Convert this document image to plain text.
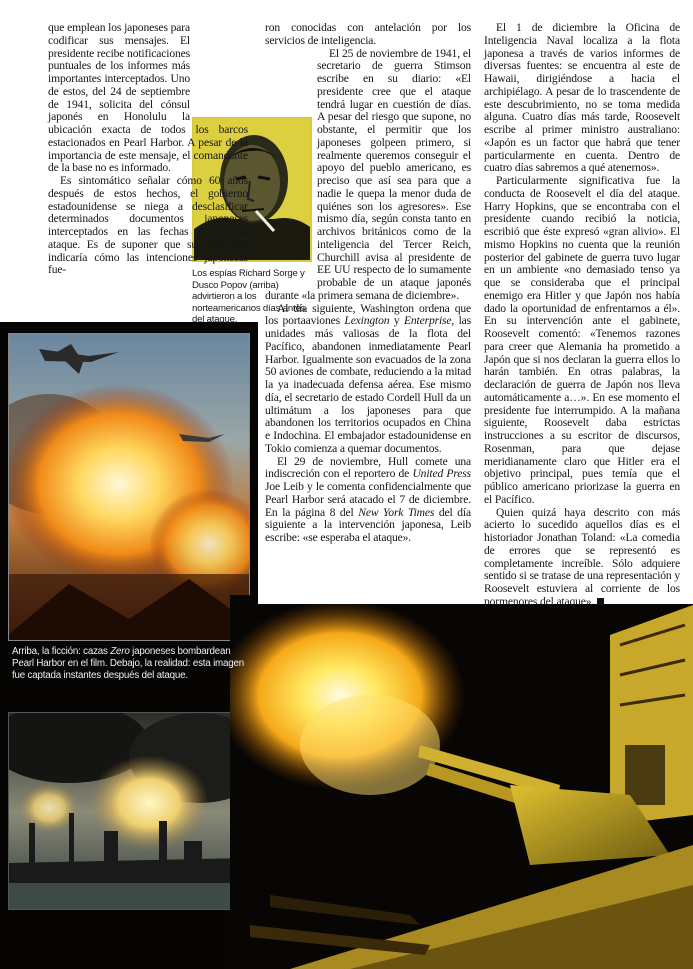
Los espías Richard Sorge y Dusco Popov (arriba) advirtieron a los norteamericanos días antes del ataque.
Arriba, la ficción: cazas Zero japoneses bombardean Pearl Harbor en el film. Debajo, la realidad: esta imagen fue captada instantes después del ataque.

que emplean los japoneses para codificar sus mensajes. El presidente recibe notificaciones puntuales de los informes más importantes interceptados. Uno de estos, del 24 de septiembre de 1941, solicita del cónsul japonés en Honolulu la ubicación exacta de todos los barcos estacionados en Pearl Harbor. A pesar de la importancia de este mensaje, el comandante de la base no es informado.

Es sintomático señalar cómo 60 años después de estos hechos, el gobierno estadounidense se niega a desclasificar determinados documentos japoneses interceptados en las fechas previas al ataque. Es de suponer que su contenido indicaría cómo las intenciones japonesas fue-

ron conocidas con antelación por los servicios de inteligencia.

El 25 de noviembre de 1941, el secretario de guerra Stimson escribe en su diario: «El presidente cree que el ataque tendrá lugar en cuestión de días. A pesar del riesgo que supone, no obstante, el permitir que los japoneses golpeen primero, si realmente queremos conseguir el apoyo del pueblo americano, es preciso que así sea para que a nadie le quepa la menor duda de quiénes son los agresores». Ese mismo día, según consta tanto en archivos británicos como de la inteligencia del Tercer Reich, Churchill avisa al presidente de EE UU respecto de lo sumamente probable de un ataque japonés durante «la primera semana de diciembre».

Al día siguiente, Washington ordena que los portaaviones Lexington y Enterprise, las unidades más valiosas de la flota del Pacífico, abandonen inmediatamente Pearl Harbor. Igualmente son evacuados de la zona 50 aviones de combate, reduciendo a la mitad la ya inadecuada defensa aérea. Ese mismo día, el secretario de estado Cordell Hull da un ultimátum a los japoneses para que abandonen los territorios ocupados en China e Indochina. El embajador estadounidense en Tokio comienza a quemar documentos.

El 29 de noviembre, Hull comete una indiscreción con el reportero de United Press Joe Leib y le comenta confidencialmente que Pearl Harbor será atacado el 7 de diciembre. En la página 8 del New York Times del día siguiente a la intervención japonesa, Leib escribe: «se esperaba el ataque».

El 1 de diciembre la Oficina de Inteligencia Naval localiza a la flota japonesa a través de varios informes de diversas fuentes: se encuentra al este de Hawaii, dirigiéndose a hacia el archipiélago. A pesar de lo trascendente de este descubrimiento, no se toma medida alguna. Cuatro días más tarde, Roosevelt escribe al primer ministro australiano: «Japón es un factor que habrá que tener particularmente en cuenta. Dentro de cuatro días sabremos a qué atenernos».

Particularmente significativa fue la conducta de Roosevelt el día del ataque. Harry Hopkins, que se encontraba con el presidente cuando recibió la noticia, escribió que éste expresó «gran alivio». El mismo Hopkins no cuenta que la reunión posterior del gabinete de guerra tuvo lugar en un ambiente «no demasiado tenso ya que se consideraba que el principal enemigo era Hitler y que Japón nos había dado la oportunidad de enfrentarnos a él». En su intervención ante el gabinete, Roosevelt comentó: «Tenemos razones para creer que Alemania ha prometido a Japón que si nos declaran la guerra ellos lo harán también. En otras palabras, la declaración de guerra de Japón nos lleva automáticamente a…». En ese momento el presidente fue interrumpido. A la mañana siguiente, Roosevelt daba estrictas instrucciones a su escritor de discursos, Rosenman, para que dejase meridianamente claro que Hitler era el objetivo principal, pues temía que el público americano priorizase la guerra en el Pacífico.

Quien quizá haya descrito con más acierto lo sucedido aquellos días es el historiador Jonathan Toland: «La comedia de errores que se representó es completamente increíble. Sólo adquiere sentido si se tratase de una representación y Roosevelt estuviera al corriente de los pormenores del ataque».
